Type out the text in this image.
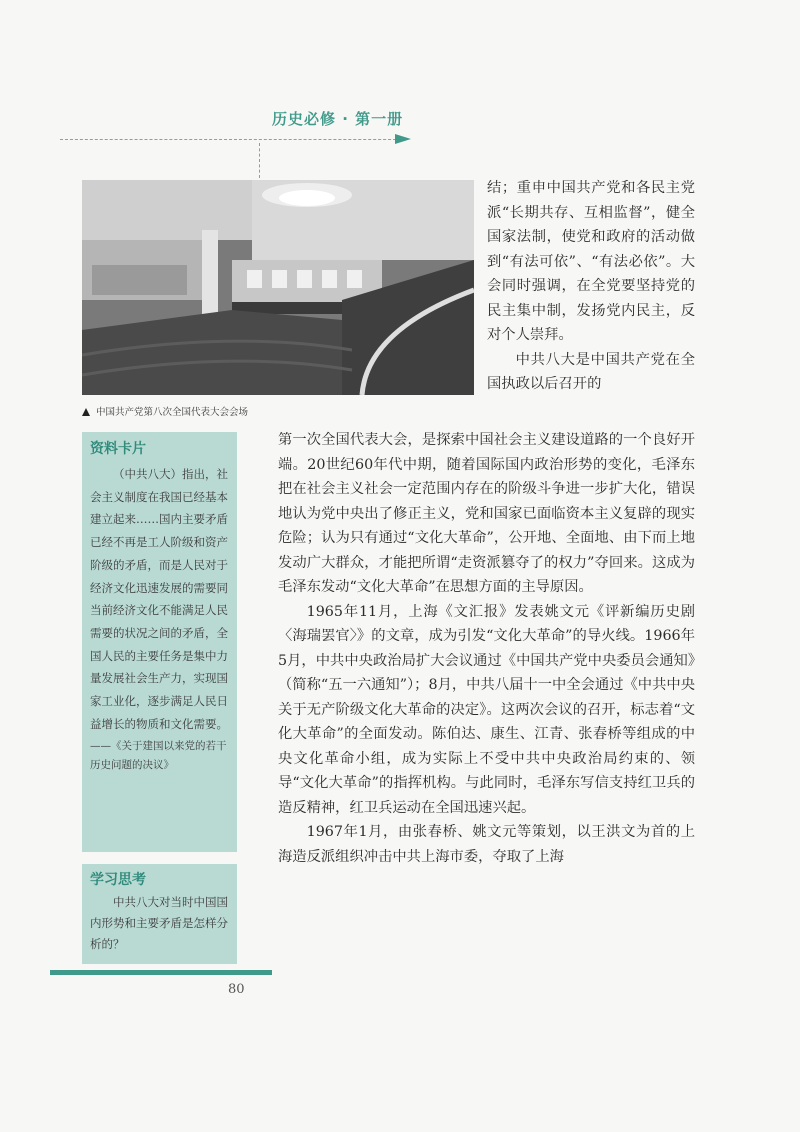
历史必修 · 第一册
中国共产党第八次全国代表大会会场

结；重申中国共产党和各民主党派“长期共存、互相监督”，健全国家法制，使党和政府的活动做到“有法可依”、“有法必依”。大会同时强调，在全党要坚持党的民主集中制，发扬党内民主，反对个人崇拜。

中共八大是中国共产党在全国执政以后召开的

第一次全国代表大会，是探索中国社会主义建设道路的一个良好开端。20世纪60年代中期，随着国际国内政治形势的变化，毛泽东把在社会主义社会一定范围内存在的阶级斗争进一步扩大化，错误地认为党中央出了修正主义，党和国家已面临资本主义复辟的现实危险；认为只有通过“文化大革命”，公开地、全面地、由下而上地发动广大群众，才能把所谓“走资派篡夺了的权力”夺回来。这成为毛泽东发动“文化大革命”在思想方面的主导原因。

1965年11月，上海《文汇报》发表姚文元《评新编历史剧〈海瑞罢官〉》的文章，成为引发“文化大革命”的导火线。1966年5月，中共中央政治局扩大会议通过《中国共产党中央委员会通知》（简称“五一六通知”）；8月，中共八届十一中全会通过《中共中央关于无产阶级文化大革命的决定》。这两次会议的召开，标志着“文化大革命”的全面发动。陈伯达、康生、江青、张春桥等组成的中央文化革命小组，成为实际上不受中共中央政治局约束的、领导“文化大革命”的指挥机构。与此同时，毛泽东写信支持红卫兵的造反精神，红卫兵运动在全国迅速兴起。

1967年1月，由张春桥、姚文元等策划，以王洪文为首的上海造反派组织冲击中共上海市委，夺取了上海

资料卡片

（中共八大）指出，社会主义制度在我国已经基本建立起来……国内主要矛盾已经不再是工人阶级和资产阶级的矛盾，而是人民对于经济文化迅速发展的需要同当前经济文化不能满足人民需要的状况之间的矛盾，全国人民的主要任务是集中力量发展社会生产力，实现国家工业化，逐步满足人民日益增长的物质和文化需要。

——《关于建国以来党的若干历史问题的决议》

学习思考

中共八大对当时中国国内形势和主要矛盾是怎样分析的？

80
